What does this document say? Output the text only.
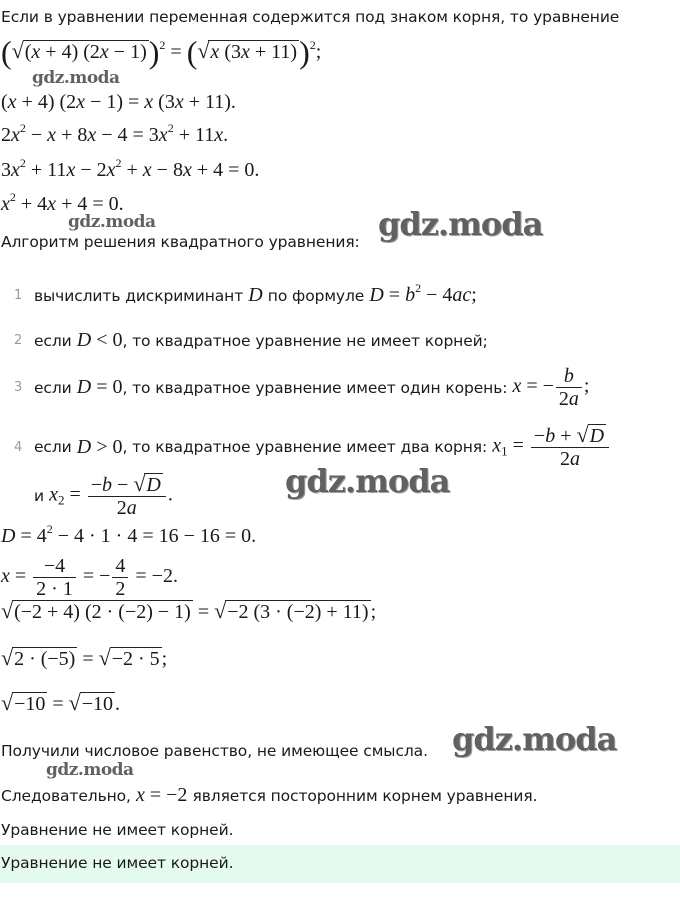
Если в уравнении переменная содержится под знаком корня, то уравнение
(√(x + 4) (2x − 1))$^2$ = (√x (3x + 11))$^2$;
gdz.moda
(x + 4) (2x − 1) = x (3x + 11).
$2x^2 - x + 8x - 4 = 3x^2 + 11x$.
$3x^2 + 11x - 2x^2 + x - 8x + 4 = 0$.
$x^2 + 4x + 4 = 0$.
gdz.moda
Алгоритм решения квадратного уравнения: gdz.moda
1 вычислить дискриминант
D
по формуле
$D = b^2 - 4ac$;
2 если
D < 0 , то квадратное уравнение не имеет корней;
3 если
D = 0 , то квадратное уравнение имеет один корень:
x = − $\frac{b}{2a}$ ;
4 если
D > 0 , то квадратное уравнение имеет два корня:
$x_1 = \frac{-b + √D}{2a}$
и
$x_2 = \frac{-b - √D}{2a}$ .	gdz.moda
$D = 4^2 - 4 \cdot 1 \cdot 4 = 16 - 16 = 0$.
$x = \frac{-4}{2 \cdot 1}$ = − $\frac{4}{2} = -2$.
√(−2 + 4) (2 · (−2) − 1) = √−2 (3 · (−2) + 11) ;
√2 · (−5) = √−2 · 5 ;
√−10 = √−10 .
Получили числовое равенство, не имеющее смысла. gdz.moda
gdz.moda
Следовательно, x = −2 является посторонним корнем уравнения.
Уравнение не имеет корней.
Уравнение не имеет корней.
